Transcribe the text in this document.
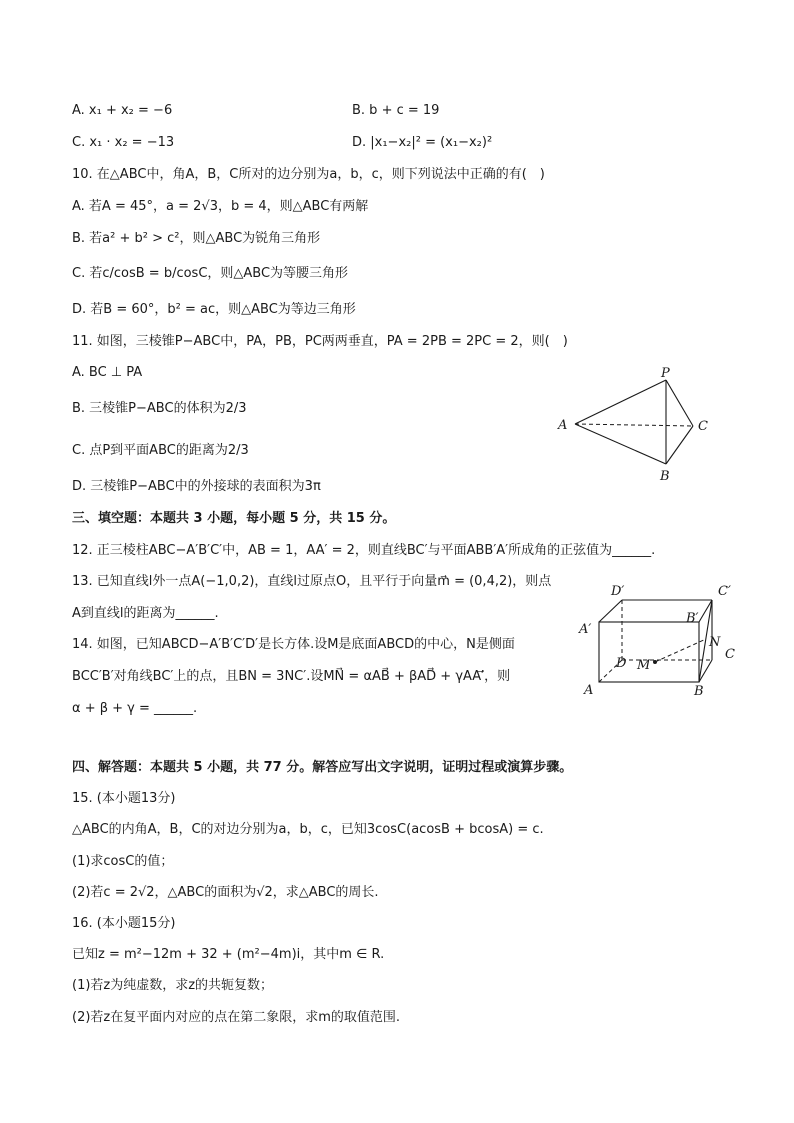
A. x₁ + x₂ = −6	B. b + c = 19
C. x₁ · x₂ = −13	D. |x₁−x₂|² = (x₁−x₂)²
10. 在△ABC中，角A，B，C所对的边分别为a，b，c，则下列说法中正确的有(　)
A. 若A = 45°，a = 2√3，b = 4，则△ABC有两解
B. 若a² + b² > c²，则△ABC为锐角三角形
C. 若c/cosB = b/cosC，则△ABC为等腰三角形
D. 若B = 60°，b² = ac，则△ABC为等边三角形
11. 如图，三棱锥P−ABC中，PA，PB，PC两两垂直，PA = 2PB = 2PC = 2，则(　)
A. BC ⊥ PA
B. 三棱锥P−ABC的体积为2/3
C. 点P到平面ABC的距离为2/3
D. 三棱锥P−ABC中的外接球的表面积为3π
P
A	C
B
三、填空题：本题共 3 小题，每小题 5 分，共 15 分。
12. 正三棱柱ABC−A′B′C′中，AB = 1，AA′ = 2，则直线BC′与平面ABB′A′所成角的正弦值为______.
13. 已知直线l外一点A(−1,0,2)，直线l过原点O，且平行于向量m⃗ = (0,4,2)，则点
A到直线l的距离为______.
14. 如图，已知ABCD−A′B′C′D′是长方体.设M是底面ABCD的中心，N是侧面
BCC′B′对角线BC′上的点，且BN = 3NC′.设MN⃗ = αAB⃗ + βAD⃗ + γAA′⃗，则
α + β + γ = ______.
D′	C′
A′
B′
N
C
D M
A	B
四、解答题：本题共 5 小题，共 77 分。解答应写出文字说明，证明过程或演算步骤。
15. (本小题13分)
△ABC的内角A，B，C的对边分别为a，b，c，已知3cosC(acosB + bcosA) = c.
(1)求cosC的值；
(2)若c = 2√2，△ABC的面积为√2，求△ABC的周长.
16. (本小题15分)
已知z = m²−12m + 32 + (m²−4m)i，其中m ∈ R.
(1)若z为纯虚数，求z的共轭复数；
(2)若z在复平面内对应的点在第二象限，求m的取值范围.
